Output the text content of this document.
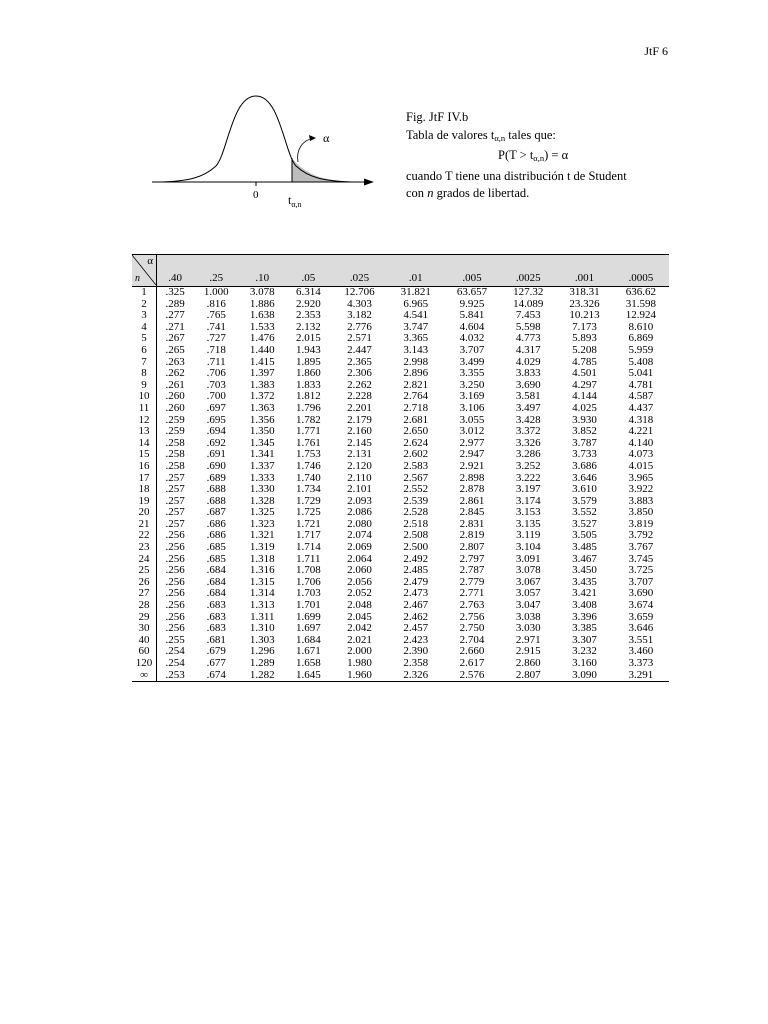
JtF 6
α
0 $t_{\alpha,n}$
Fig. JtF IV.b
Tabla de valores $t_{\alpha,n}$ tales que:
$P(T > t_{\alpha,n}) = \alpha$
cuando T tiene una distribución t de Student
con n grados de libertad.
α
n	.40	.25	.10	.05	.025	.01	.005	.0025	.001	.0005
1	.325	1.000	3.078	6.314	12.706	31.821	63.657	127.32	318.31	636.62
2	.289	.816	1.886	2.920	4.303	6.965	9.925	14.089	23.326	31.598
3	.277	.765	1.638	2.353	3.182	4.541	5.841	7.453	10.213	12.924
4	.271	.741	1.533	2.132	2.776	3.747	4.604	5.598	7.173	8.610
5	.267	.727	1.476	2.015	2.571	3.365	4.032	4.773	5.893	6.869
6	.265	.718	1.440	1.943	2.447	3.143	3.707	4.317	5.208	5.959
7	.263	.711	1.415	1.895	2.365	2.998	3.499	4.029	4.785	5.408
8	.262	.706	1.397	1.860	2.306	2.896	3.355	3.833	4.501	5.041
9	.261	.703	1.383	1.833	2.262	2.821	3.250	3.690	4.297	4.781
10	.260	.700	1.372	1.812	2.228	2.764	3.169	3.581	4.144	4.587
11	.260	.697	1.363	1.796	2.201	2.718	3.106	3.497	4.025	4.437
12	.259	.695	1.356	1.782	2.179	2.681	3.055	3.428	3.930	4.318
13	.259	.694	1.350	1.771	2.160	2.650	3.012	3.372	3.852	4.221
14	.258	.692	1.345	1.761	2.145	2.624	2.977	3.326	3.787	4.140
15	.258	.691	1.341	1.753	2.131	2.602	2.947	3.286	3.733	4.073
16	.258	.690	1.337	1.746	2.120	2.583	2.921	3.252	3.686	4.015
17	.257	.689	1.333	1.740	2.110	2.567	2.898	3.222	3.646	3.965
18	.257	.688	1.330	1.734	2.101	2.552	2.878	3.197	3.610	3.922
19	.257	.688	1.328	1.729	2.093	2.539	2.861	3.174	3.579	3.883
20	.257	.687	1.325	1.725	2.086	2.528	2.845	3.153	3.552	3.850
21	.257	.686	1.323	1.721	2.080	2.518	2.831	3.135	3.527	3.819
22	.256	.686	1.321	1.717	2.074	2.508	2.819	3.119	3.505	3.792
23	.256	.685	1.319	1.714	2.069	2.500	2.807	3.104	3.485	3.767
24	.256	.685	1.318	1.711	2.064	2.492	2.797	3.091	3.467	3.745
25	.256	.684	1.316	1.708	2.060	2.485	2.787	3.078	3.450	3.725
26	.256	.684	1.315	1.706	2.056	2.479	2.779	3.067	3.435	3.707
27	.256	.684	1.314	1.703	2.052	2.473	2.771	3.057	3.421	3.690
28	.256	.683	1.313	1.701	2.048	2.467	2.763	3.047	3.408	3.674
29	.256	.683	1.311	1.699	2.045	2.462	2.756	3.038	3.396	3.659
30	.256	.683	1.310	1.697	2.042	2.457	2.750	3.030	3.385	3.646
40	.255	.681	1.303	1.684	2.021	2.423	2.704	2.971	3.307	3.551
60	.254	.679	1.296	1.671	2.000	2.390	2.660	2.915	3.232	3.460
120	.254	.677	1.289	1.658	1.980	2.358	2.617	2.860	3.160	3.373
∞	.253	.674	1.282	1.645	1.960	2.326	2.576	2.807	3.090	3.291
